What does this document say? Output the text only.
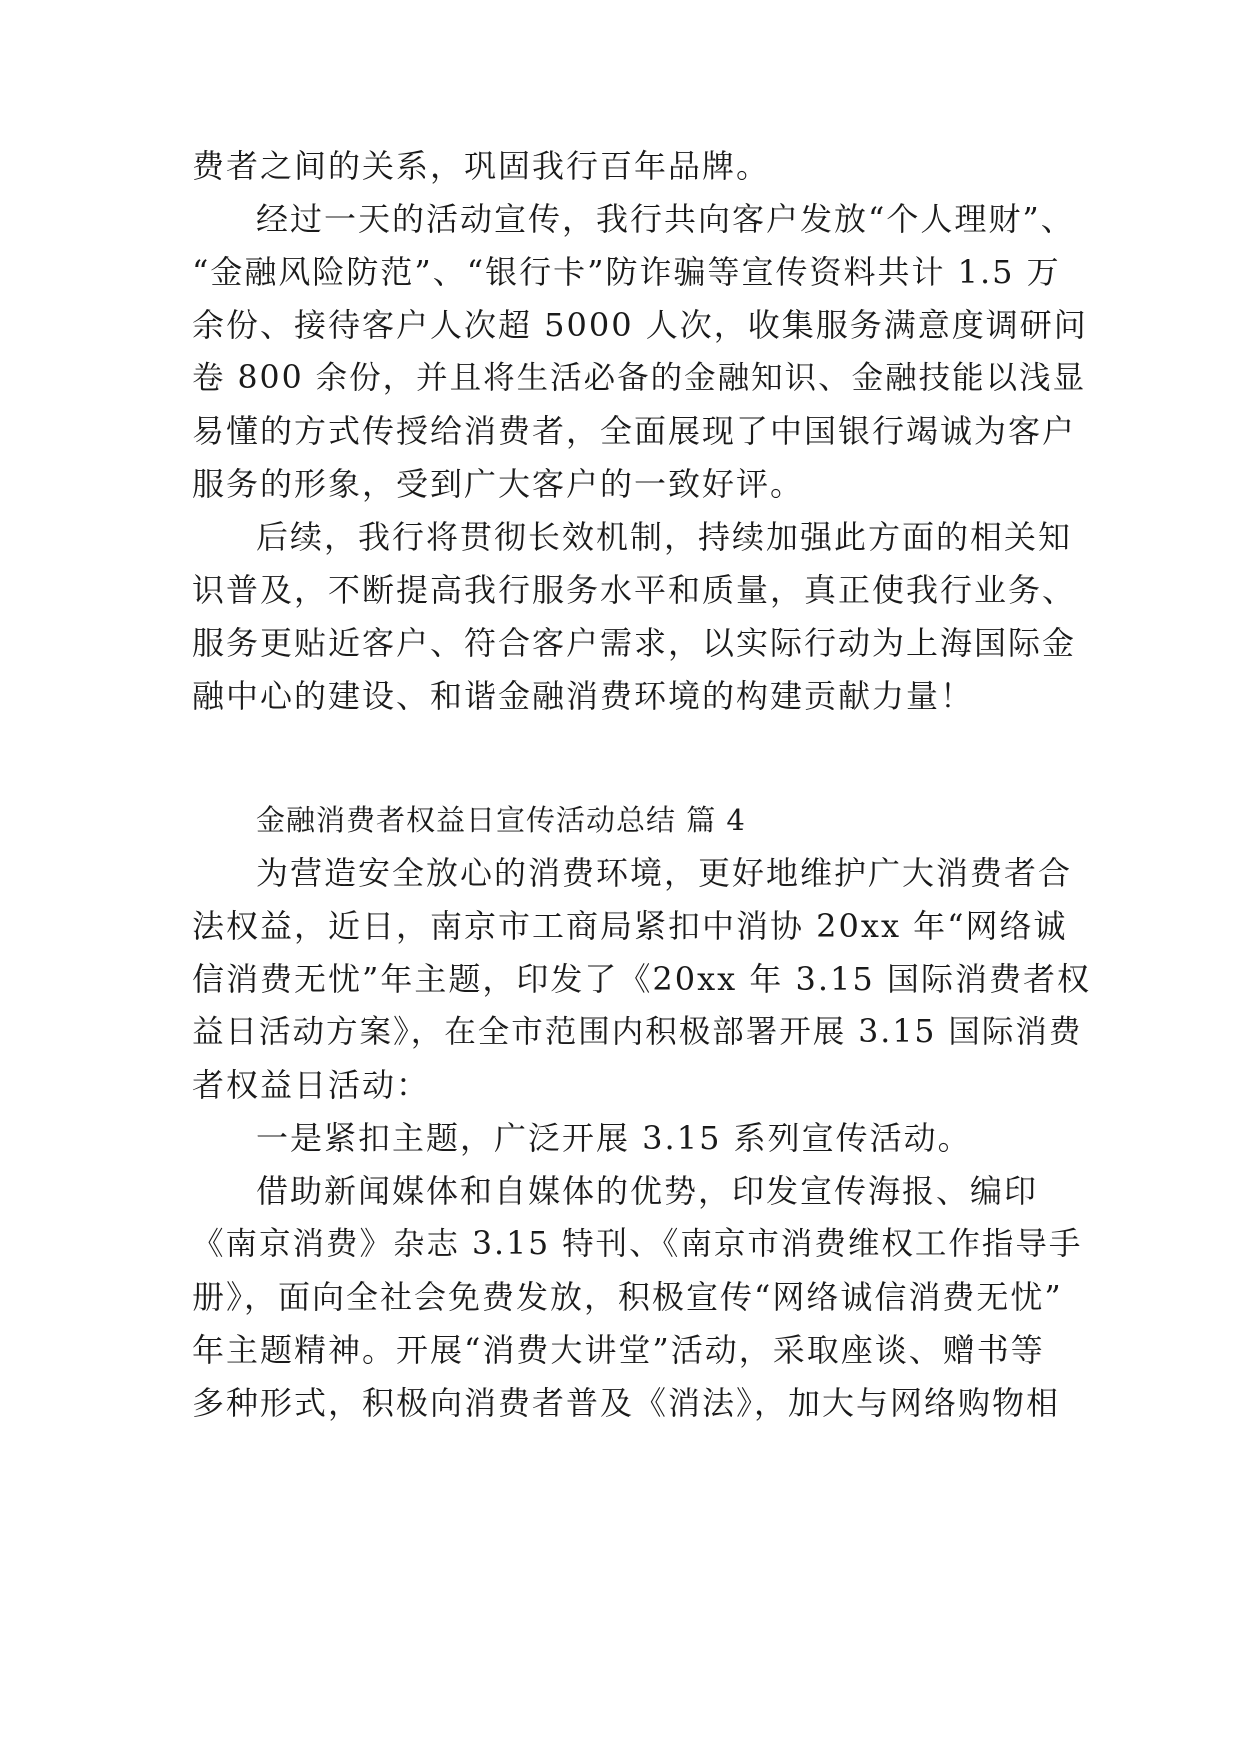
费者之间的关系，巩固我行百年品牌。
经过一天的活动宣传，我行共向客户发放“个人理财”、
“金融风险防范”、“银行卡”防诈骗等宣传资料共计 1.5 万
余份、接待客户人次超 5000 人次，收集服务满意度调研问
卷 800 余份，并且将生活必备的金融知识、金融技能以浅显
易懂的方式传授给消费者，全面展现了中国银行竭诚为客户
服务的形象，受到广大客户的一致好评。
后续，我行将贯彻长效机制，持续加强此方面的相关知
识普及，不断提高我行服务水平和质量，真正使我行业务、
服务更贴近客户、符合客户需求，以实际行动为上海国际金
融中心的建设、和谐金融消费环境的构建贡献力量！
金融消费者权益日宣传活动总结 篇 4
为营造安全放心的消费环境，更好地维护广大消费者合
法权益，近日，南京市工商局紧扣中消协 20xx 年“网络诚
信消费无忧”年主题，印发了《20xx 年 3.15 国际消费者权
益日活动方案》，在全市范围内积极部署开展 3.15 国际消费
者权益日活动：
一是紧扣主题，广泛开展 3.15 系列宣传活动。
借助新闻媒体和自媒体的优势，印发宣传海报、编印
《南京消费》杂志 3.15 特刊、《南京市消费维权工作指导手
册》，面向全社会免费发放，积极宣传“网络诚信消费无忧”
年主题精神。开展“消费大讲堂”活动，采取座谈、赠书等
多种形式，积极向消费者普及《消法》，加大与网络购物相
